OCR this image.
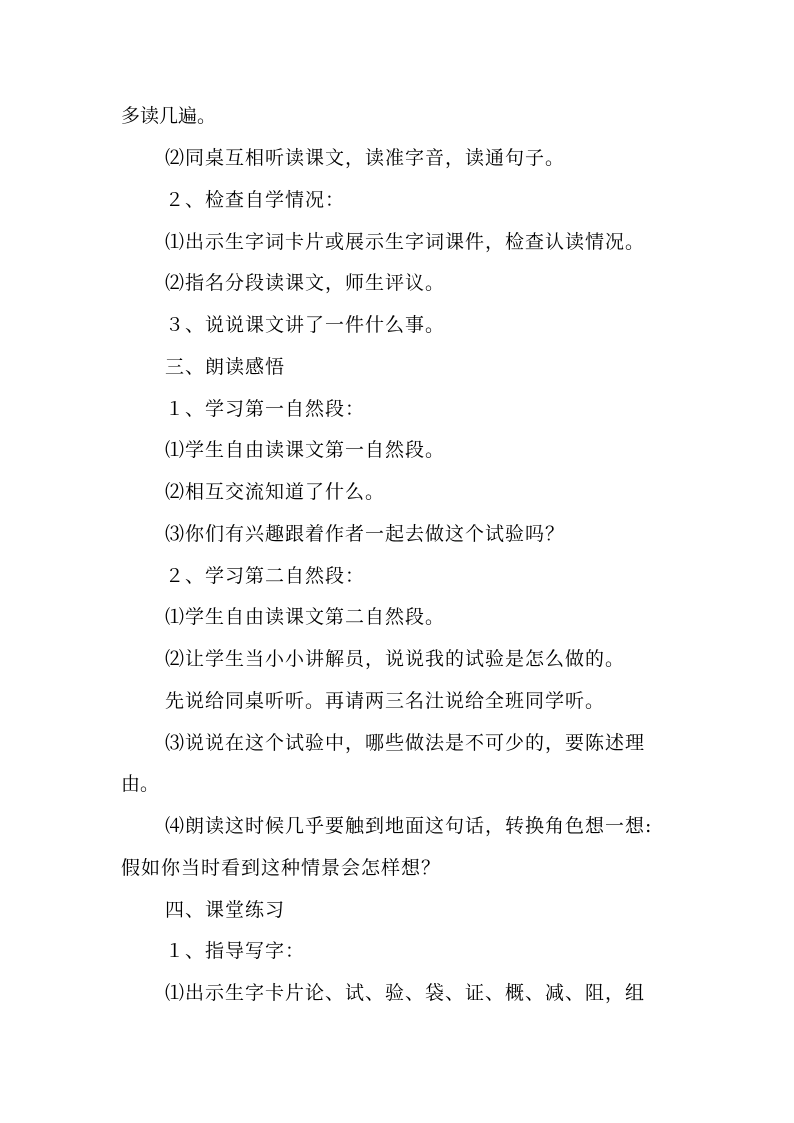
多读几遍。
⑵同桌互相听读课文，读准字音，读通句子。
２、检查自学情况：
⑴出示生字词卡片或展示生字词课件，检查认读情况。
⑵指名分段读课文，师生评议。
３、说说课文讲了一件什么事。
三、朗读感悟
１、学习第一自然段：
⑴学生自由读课文第一自然段。
⑵相互交流知道了什么。
⑶你们有兴趣跟着作者一起去做这个试验吗？
２、学习第二自然段：
⑴学生自由读课文第二自然段。
⑵让学生当小小讲解员，说说我的试验是怎么做的。
先说给同桌听听。再请两三名汢说给全班同学听。
⑶说说在这个试验中，哪些做法是不可少的，要陈述理
由。
⑷朗读这时候几乎要触到地面这句话，转换角色想一想:
假如你当时看到这种情景会怎样想？
四、课堂练习
１、指导写字：
⑴出示生字卡片论、试、验、袋、证、概、减、阻，组
